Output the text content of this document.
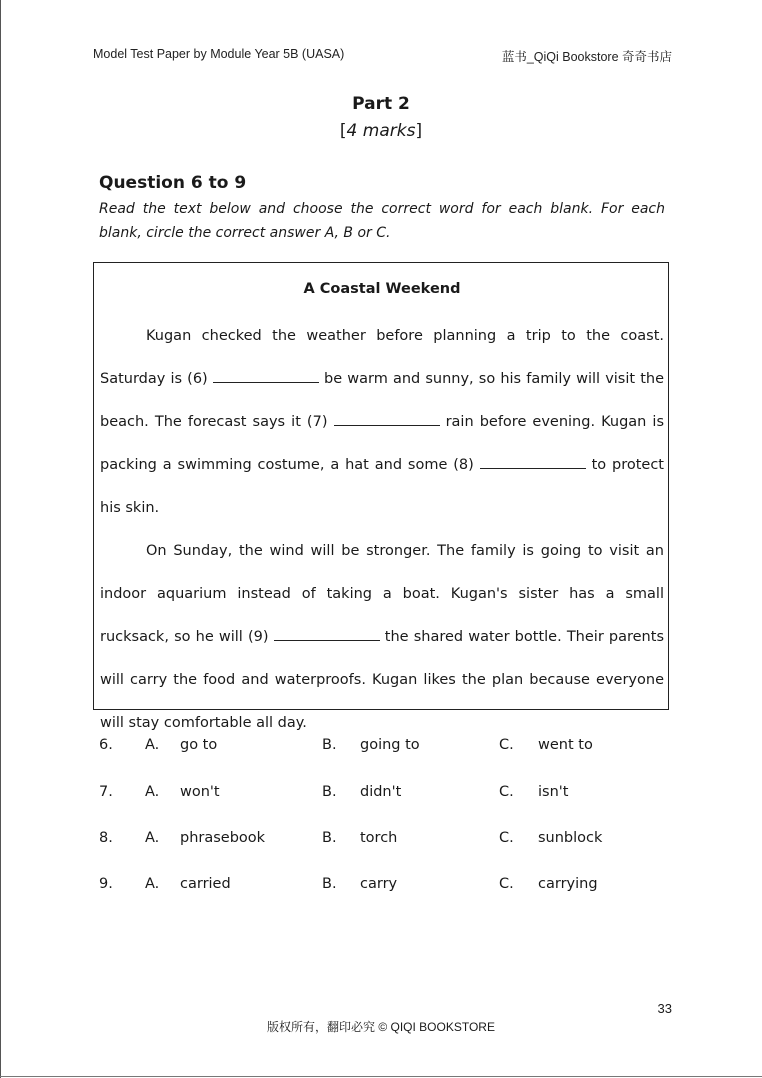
Model Test Paper by Module Year 5B (UASA)	蓝书_QiQi Bookstore 奇奇书店
Part 2
[4 marks]
Question 6 to 9
Read the text below and choose the correct word for each blank. For each blank, circle the correct answer A, B or C.
A Coastal Weekend

Kugan checked the weather before planning a trip to the coast. Saturday is (6)	be warm and sunny, so his family will visit the beach. The forecast says it (7)	rain before evening. Kugan is packing a swimming costume, a hat and some (8)	to protect his skin.

On Sunday, the wind will be stronger. The family is going to visit an indoor aquarium instead of taking a boat. Kugan's sister has a small rucksack, so he will (9)	the shared water bottle. Their parents will carry the food and waterproofs. Kugan likes the plan because everyone will stay comfortable all day.

6. A. go to	B. going to	C. went to
7. A. won't	B. didn't	C. isn't
8. A. phrasebook	B. torch	C. sunblock
9. A. carried	B. carry	C. carrying
33
版权所有，翻印必究 © QIQI BOOKSTORE
